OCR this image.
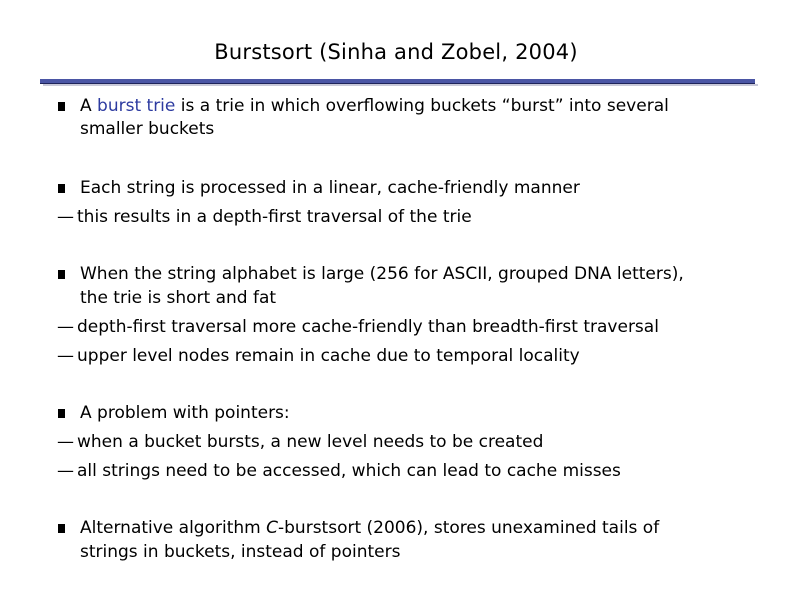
Burstsort (Sinha and Zobel, 2004)
A burst trie is a trie in which overflowing buckets “burst” into several
smaller buckets
Each string is processed in a linear, cache-friendly manner
— this results in a depth-first traversal of the trie
When the string alphabet is large (256 for ASCII, grouped DNA letters),
the trie is short and fat
— depth-first traversal more cache-friendly than breadth-first traversal
— upper level nodes remain in cache due to temporal locality
A problem with pointers:
— when a bucket bursts, a new level needs to be created
— all strings need to be accessed, which can lead to cache misses
Alternative algorithm C-burstsort (2006), stores unexamined tails of
strings in buckets, instead of pointers
